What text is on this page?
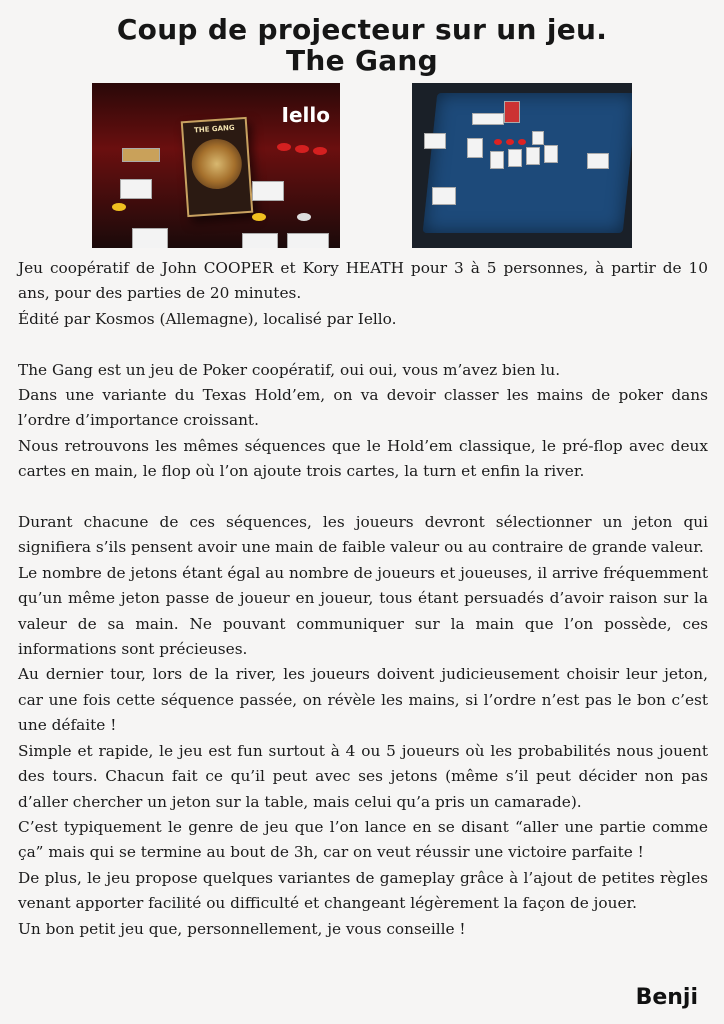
Coup de projecteur sur un jeu.
The Gang
Iello
THE GANG

Jeu coopératif de John COOPER et Kory HEATH pour 3 à 5 personnes, à partir de 10 ans, pour des parties de 20 minutes.

Édité par Kosmos (Allemagne), localisé par Iello.

The Gang est un jeu de Poker coopératif, oui oui, vous m’avez bien lu.

Dans une variante du Texas Hold’em, on va devoir classer les mains de poker dans l’ordre d’importance croissant.

Nous retrouvons les mêmes séquences que le Hold’em classique, le pré-flop avec deux cartes en main, le flop où l’on ajoute trois cartes, la turn et enfin la river.

Durant chacune de ces séquences, les joueurs devront sélectionner un jeton qui signifiera s’ils pensent avoir une main de faible valeur ou au contraire de grande valeur.

Le nombre de jetons étant égal au nombre de joueurs et joueuses, il arrive fréquemment qu’un même jeton passe de joueur en joueur, tous étant persuadés d’avoir raison sur la valeur de sa main. Ne pouvant communiquer sur la main que l’on possède, ces informations sont précieuses.

Au dernier tour, lors de la river, les joueurs doivent judicieusement choisir leur jeton, car une fois cette séquence passée, on révèle les mains, si l’ordre n’est pas le bon c’est une défaite !

Simple et rapide, le jeu est fun surtout à 4 ou 5 joueurs où les probabilités nous jouent des tours. Chacun fait ce qu’il peut avec ses jetons (même s’il peut décider non pas d’aller chercher un jeton sur la table, mais celui qu’a pris un camarade).

C’est typiquement le genre de jeu que l’on lance en se disant “aller une partie comme ça” mais qui se termine au bout de 3h, car on veut réussir une victoire parfaite !

De plus, le jeu propose quelques variantes de gameplay grâce à l’ajout de petites règles venant apporter facilité ou difficulté et changeant légèrement la façon de jouer.

Un bon petit jeu que, personnellement, je vous conseille !

Benji
